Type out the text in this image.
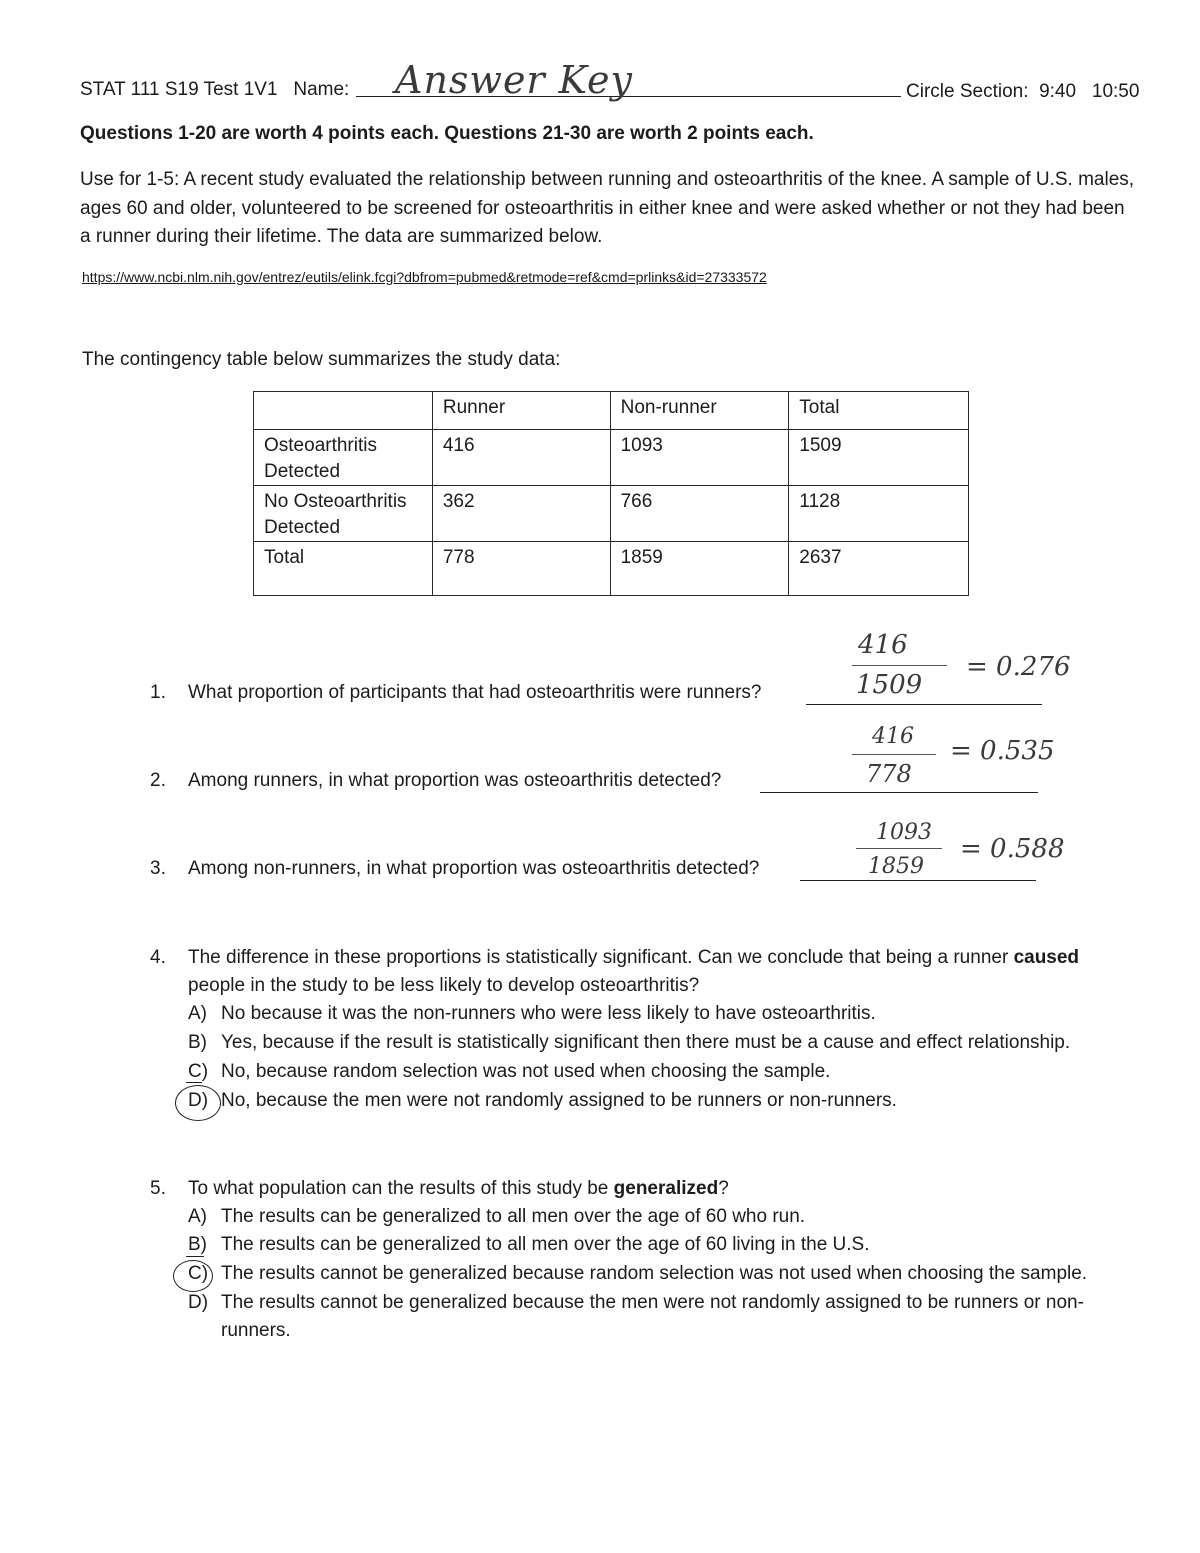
STAT 111 S19 Test 1V1 Name: Answer Key	Circle Section: 9:40 10:50
Questions 1-20 are worth 4 points each. Questions 21-30 are worth 2 points each.
Use for 1-5: A recent study evaluated the relationship between running and osteoarthritis of the knee. A sample of U.S. males, ages 60 and older, volunteered to be screened for osteoarthritis in either knee and were asked whether or not they had been a runner during their lifetime. The data are summarized below.
https://www.ncbi.nlm.nih.gov/entrez/eutils/elink.fcgi?dbfrom=pubmed&retmode=ref&cmd=prlinks&id=27333572
The contingency table below summarizes the study data:
	Runner	Non-runner	Total
Osteoarthritis
Detected	416	1093	1509
No Osteoarthritis
Detected	362	766	1128
Total	778	1859	2637
1. What proportion of participants that had osteoarthritis were runners?
416
1509
= 0.276
2. Among runners, in what proportion was osteoarthritis detected?
416
778
= 0.535
3. Among non-runners, in what proportion was osteoarthritis detected?
1093
1859
= 0.588
4. The difference in these proportions is statistically significant. Can we conclude that being a runner caused
people in the study to be less likely to develop osteoarthritis?
A) No because it was the non-runners who were less likely to have osteoarthritis.
B) Yes, because if the result is statistically significant then there must be a cause and effect relationship.
C) No, because random selection was not used when choosing the sample.
D) No, because the men were not randomly assigned to be runners or non-runners.
5. To what population can the results of this study be generalized?
A) The results can be generalized to all men over the age of 60 who run.
B) The results can be generalized to all men over the age of 60 living in the U.S.
C) The results cannot be generalized because random selection was not used when choosing the sample.
D) The results cannot be generalized because the men were not randomly assigned to be runners or non-
runners.
